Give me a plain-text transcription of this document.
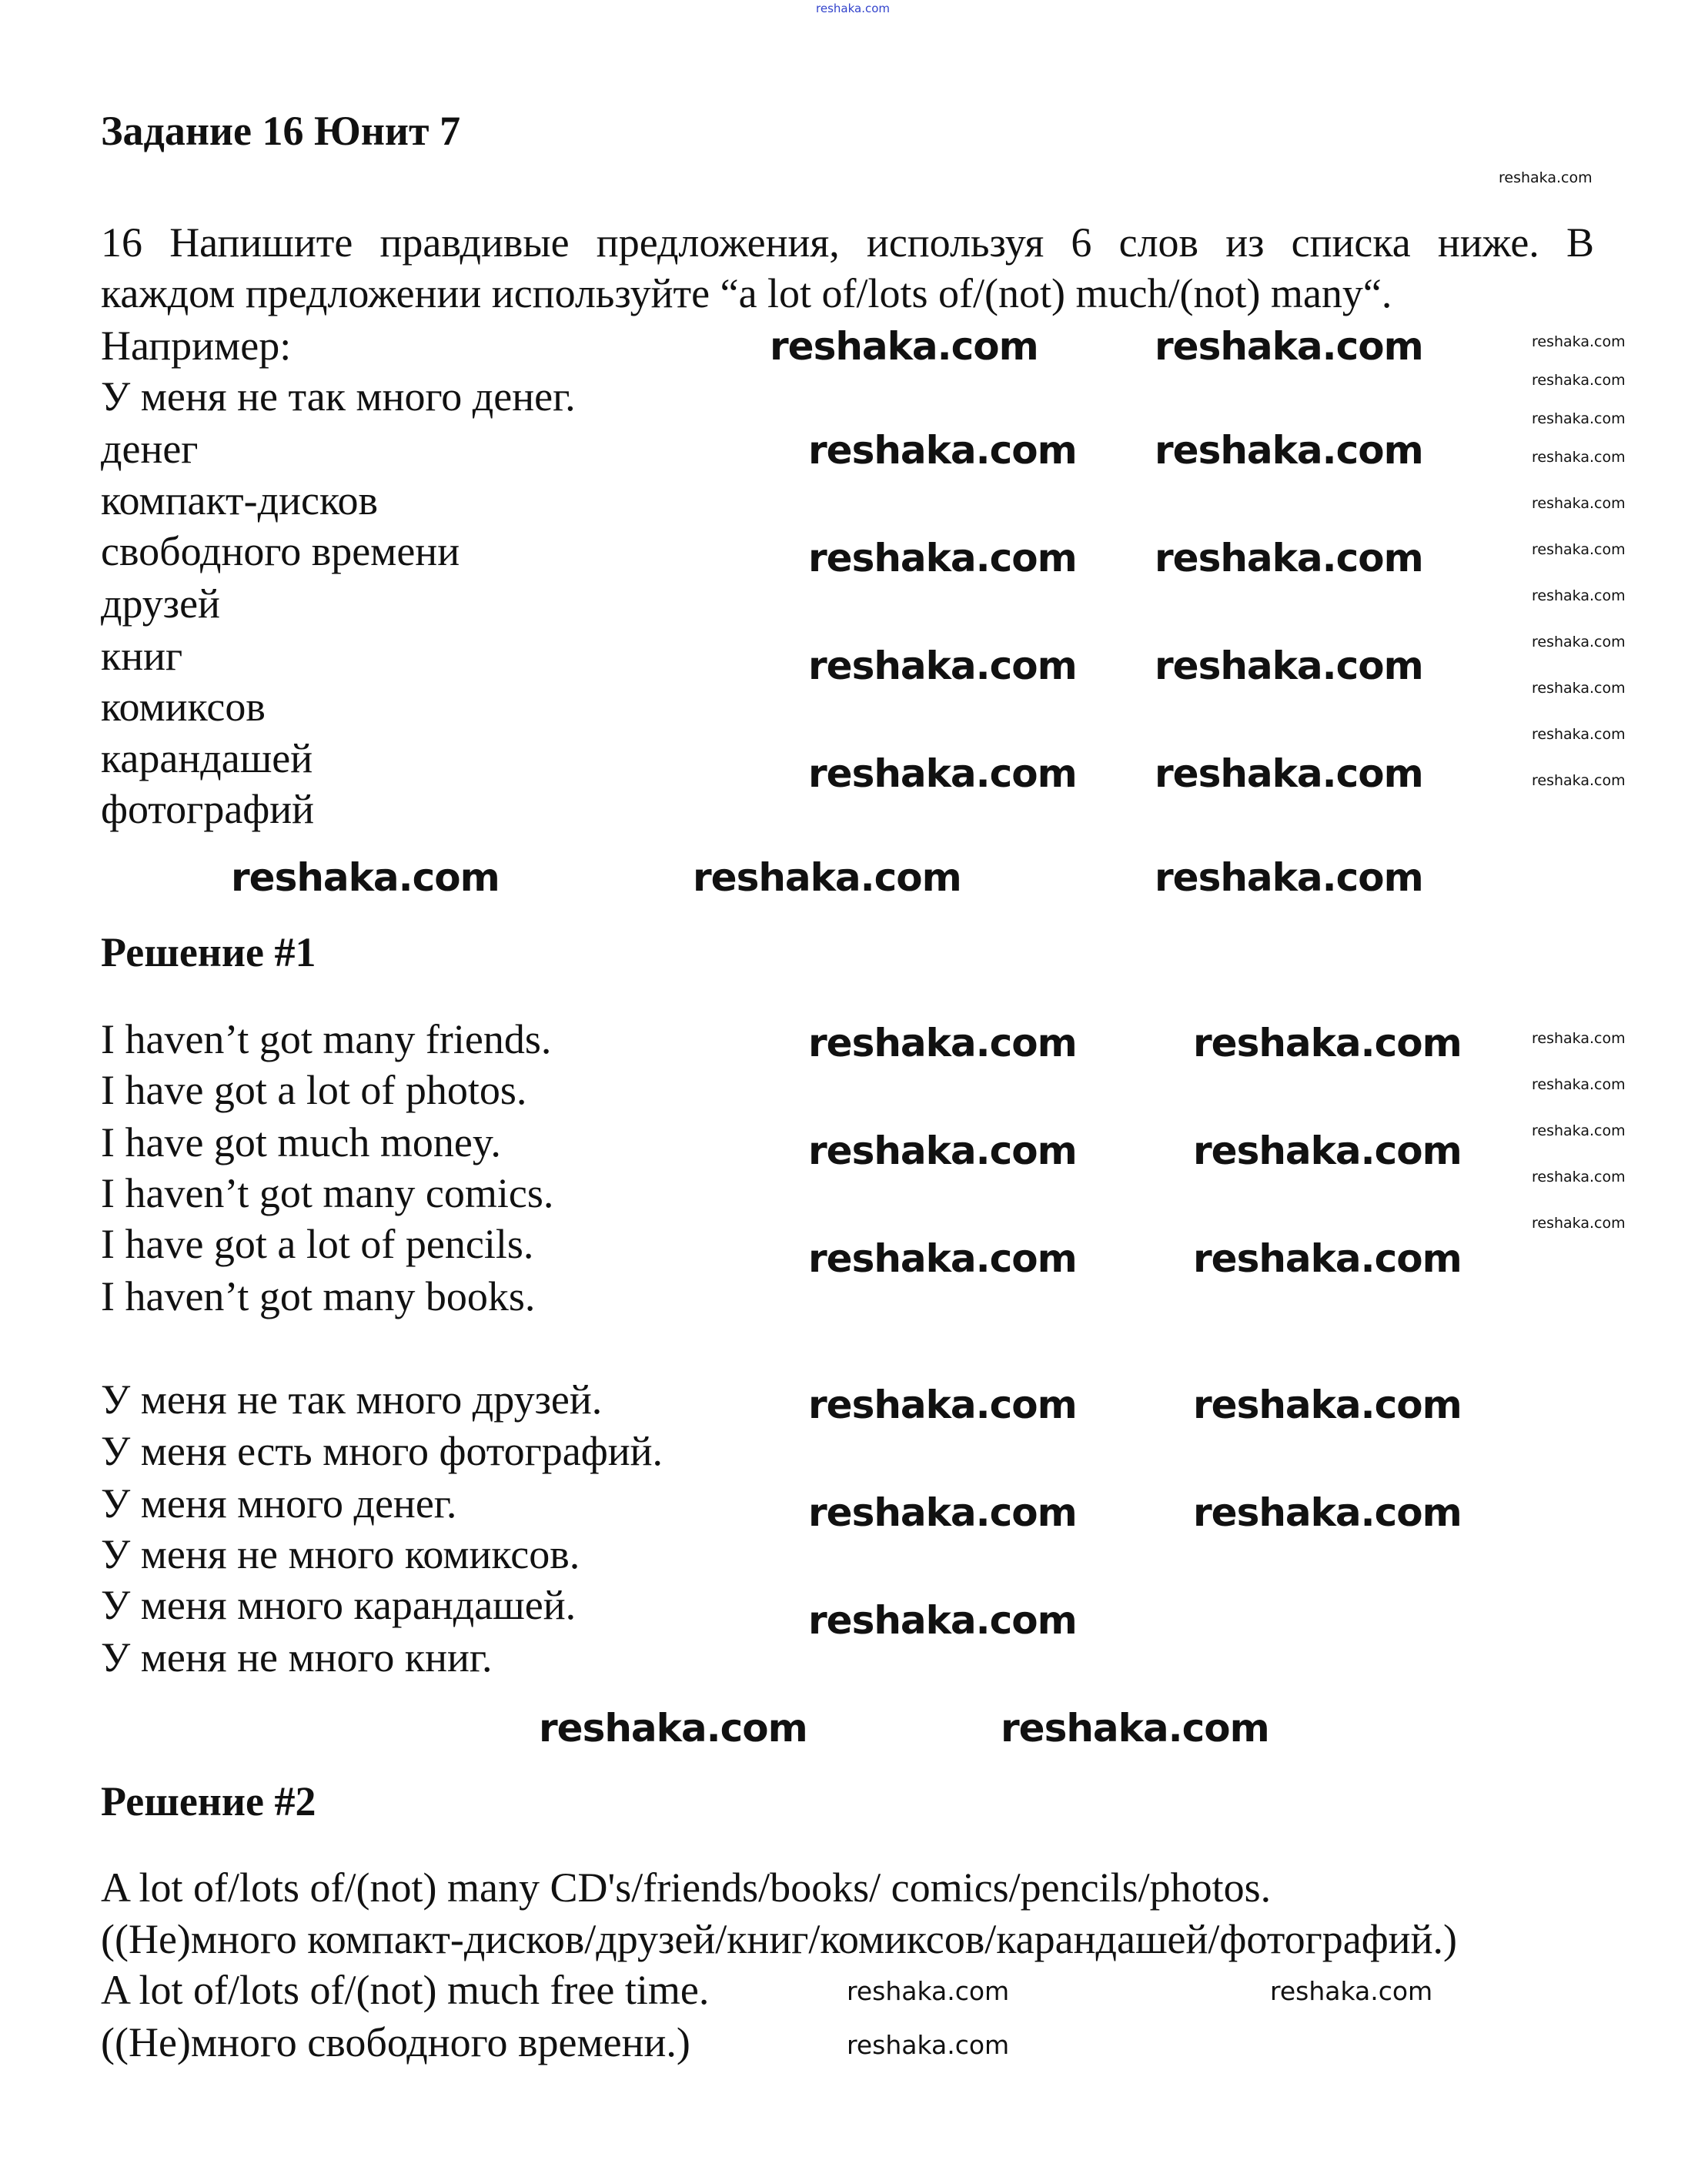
Задание 16 Юнит 7
16 Напишите правдивые предложения, используя 6 слов из списка ниже. В
каждом предложении используйте “a lot of/lots of/(not) much/(not) many“.
Например:
У меня не так много денег.
денег
компакт-дисков
свободного времени
друзей
книг
комиксов
карандашей
фотографий
Решение #1
I haven’t got many friends.
I have got a lot of photos.
I have got much money.
I haven’t got many comics.
I have got a lot of pencils.
I haven’t got many books.
У меня не так много друзей.
У меня есть много фотографий.
У меня много денег.
У меня не много комиксов.
У меня много карандашей.
У меня не много книг.
Решение #2
A lot of/lots of/(not) many CD's/friends/books/ comics/pencils/photos.
((Не)много компакт-дисков/друзей/книг/комиксов/карандашей/фотографий.)
A lot of/lots of/(not) much free time.
((Не)много свободного времени.)
reshaka.com
reshaka.com	reshaka.com
reshaka.com reshaka.com
reshaka.com reshaka.com
reshaka.com reshaka.com
reshaka.com reshaka.com
reshaka.com	reshaka.com	reshaka.com
reshaka.com	reshaka.com
reshaka.com	reshaka.com
reshaka.com	reshaka.com
reshaka.com	reshaka.com
reshaka.com	reshaka.com
reshaka.com
reshaka.com	reshaka.com
reshaka.com	reshaka.com
reshaka.com
reshaka.com
reshaka.com
reshaka.com
reshaka.com
reshaka.com
reshaka.com
reshaka.com
reshaka.com
reshaka.com
reshaka.com
reshaka.com
reshaka.com
reshaka.com
reshaka.com
reshaka.com
reshaka.com
reshaka.com
